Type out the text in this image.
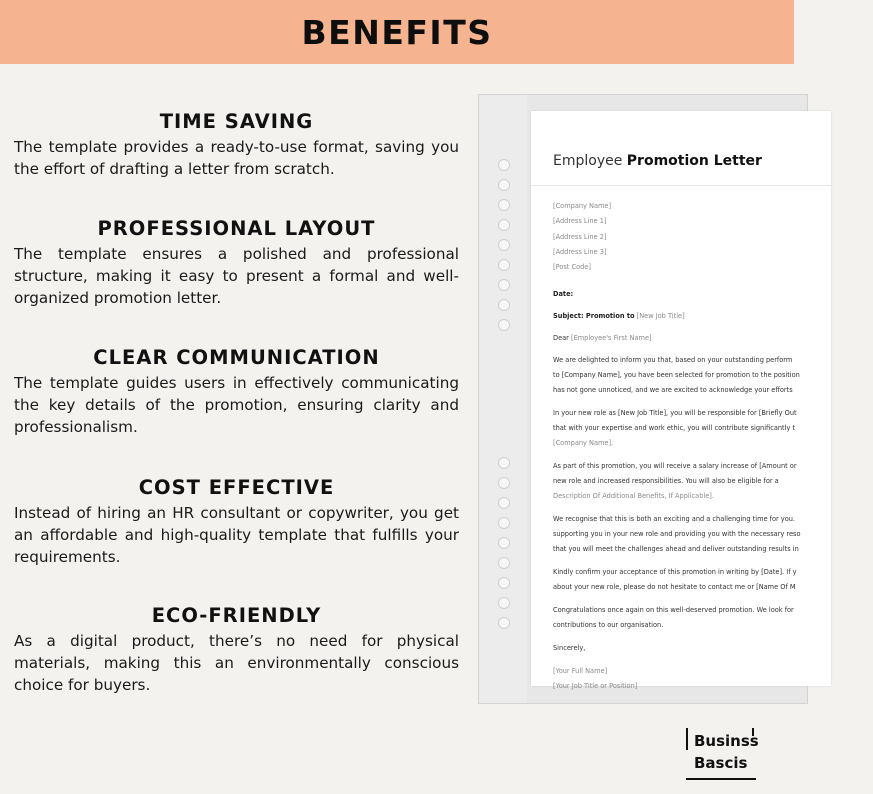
BENEFITS
TIME SAVING

The template provides a ready-to-use format, saving you the effort of drafting a letter from scratch.

PROFESSIONAL LAYOUT

The template ensures a polished and professional structure, making it easy to present a formal and well-organized promotion letter.

CLEAR COMMUNICATION

The template guides users in effectively communicating the key details of the promotion, ensuring clarity and professionalism.

COST EFFECTIVE

Instead of hiring an HR consultant or copywriter, you get an affordable and high-quality template that fulfills your requirements.

ECO-FRIENDLY

As a digital product, there’s no need for physical materials, making this an environmentally conscious choice for buyers.

Employee Promotion Letter
[Company Name]
[Address Line 1]
[Address Line 2]
[Address Line 3]
[Post Code]
Date:
Subject: Promotion to [New Job Title]
Dear [Employee's First Name]
We are delighted to inform you that, based on your outstanding perform
to [Company Name], you have been selected for promotion to the position
has not gone unnoticed, and we are excited to acknowledge your efforts
In your new role as [New Job Title], you will be responsible for [Briefly Out
that with your expertise and work ethic, you will contribute significantly t
[Company Name].
As part of this promotion, you will receive a salary increase of [Amount or
new role and increased responsibilities. You will also be eligible for a
Description Of Additional Benefits, If Applicable].
We recognise that this is both an exciting and a challenging time for you.
supporting you in your new role and providing you with the necessary reso
that you will meet the challenges ahead and deliver outstanding results in
Kindly confirm your acceptance of this promotion in writing by [Date]. If y
about your new role, please do not hesitate to contact me or [Name Of M
Congratulations once again on this well-deserved promotion. We look for
contributions to our organisation.
Sincerely,
[Your Full Name]
[Your Job Title or Position]
Businss
Bascis
